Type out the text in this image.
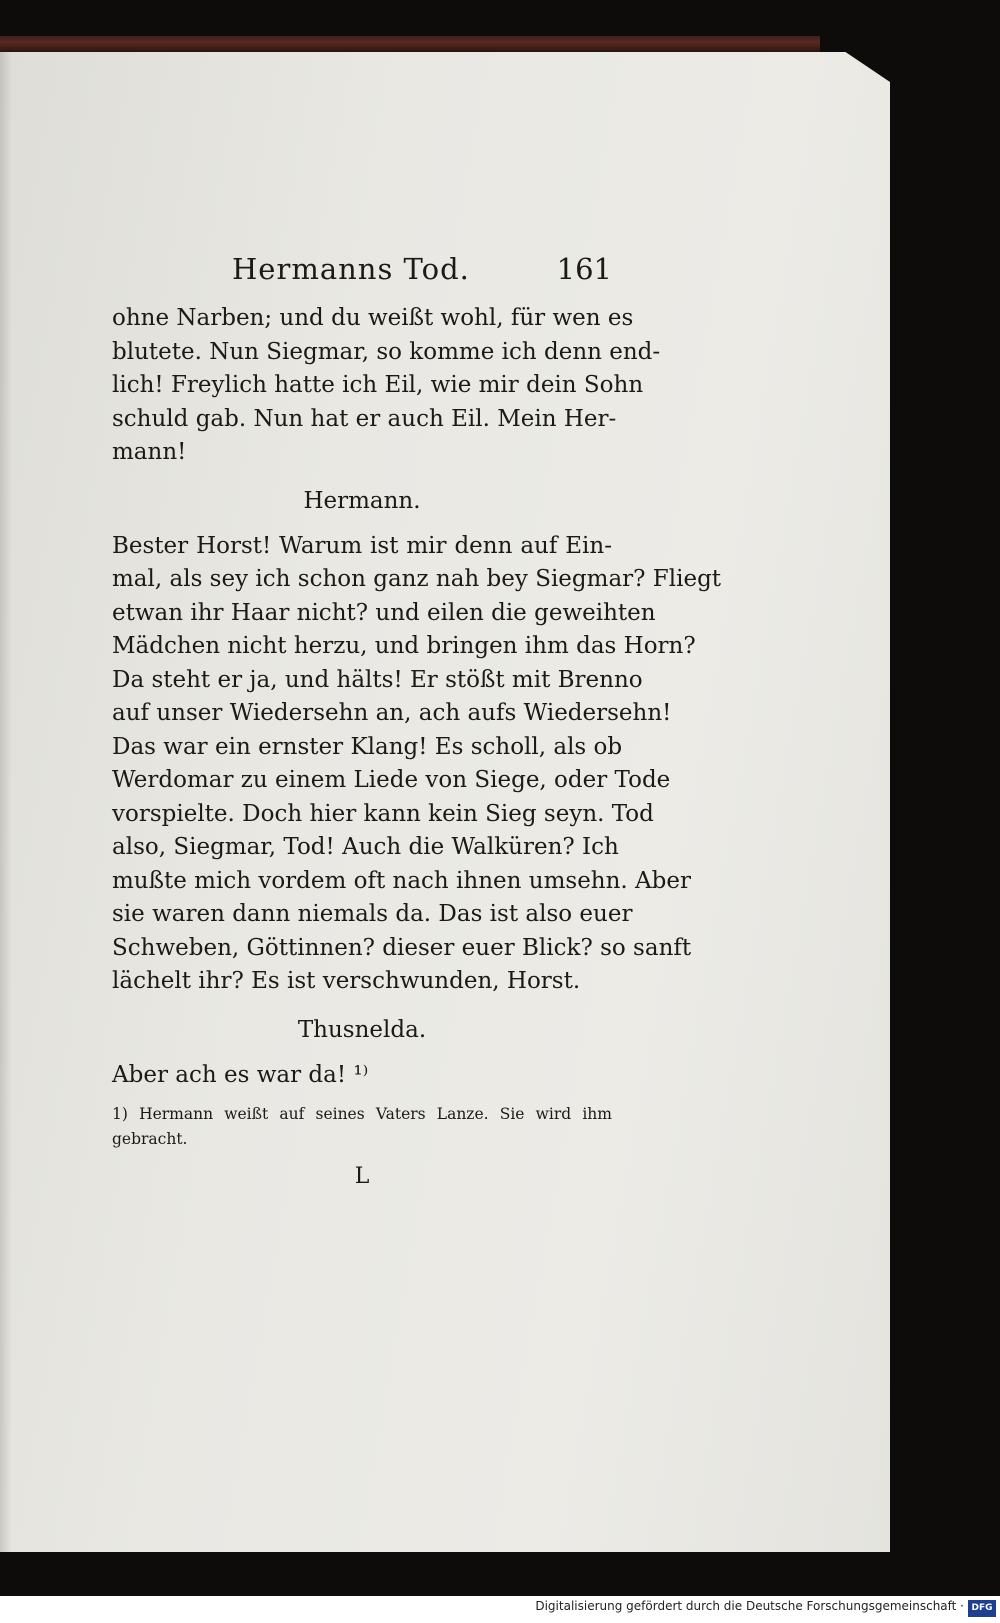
Hermanns Tod.	161
ohne Narben; und du weißt wohl, für wen es
blutete. Nun Siegmar, so komme ich denn end-
lich! Freylich hatte ich Eil, wie mir dein Sohn
schuld gab. Nun hat er auch Eil. Mein Her-
mann!
Hermann.
Bester Horst! Warum ist mir denn auf Ein-
mal, als sey ich schon ganz nah bey Siegmar? Fliegt
etwan ihr Haar nicht? und eilen die geweihten
Mädchen nicht herzu, und bringen ihm das Horn?
Da steht er ja, und hälts! Er stößt mit Brenno
auf unser Wiedersehn an, ach aufs Wiedersehn!
Das war ein ernster Klang! Es scholl, als ob
Werdomar zu einem Liede von Siege, oder Tode
vorspielte. Doch hier kann kein Sieg seyn. Tod
also, Siegmar, Tod! Auch die Walküren? Ich
mußte mich vordem oft nach ihnen umsehn. Aber
sie waren dann niemals da. Das ist also euer
Schweben, Göttinnen? dieser euer Blick? so sanft
lächelt ihr? Es ist verschwunden, Horst.
Thusnelda.
Aber ach es war da! ¹⁾
1) Hermann weißt auf seines Vaters Lanze. Sie wird ihm
gebracht.
L
Digitalisierung gefördert durch die Deutsche Forschungsgemeinschaft · DFG
